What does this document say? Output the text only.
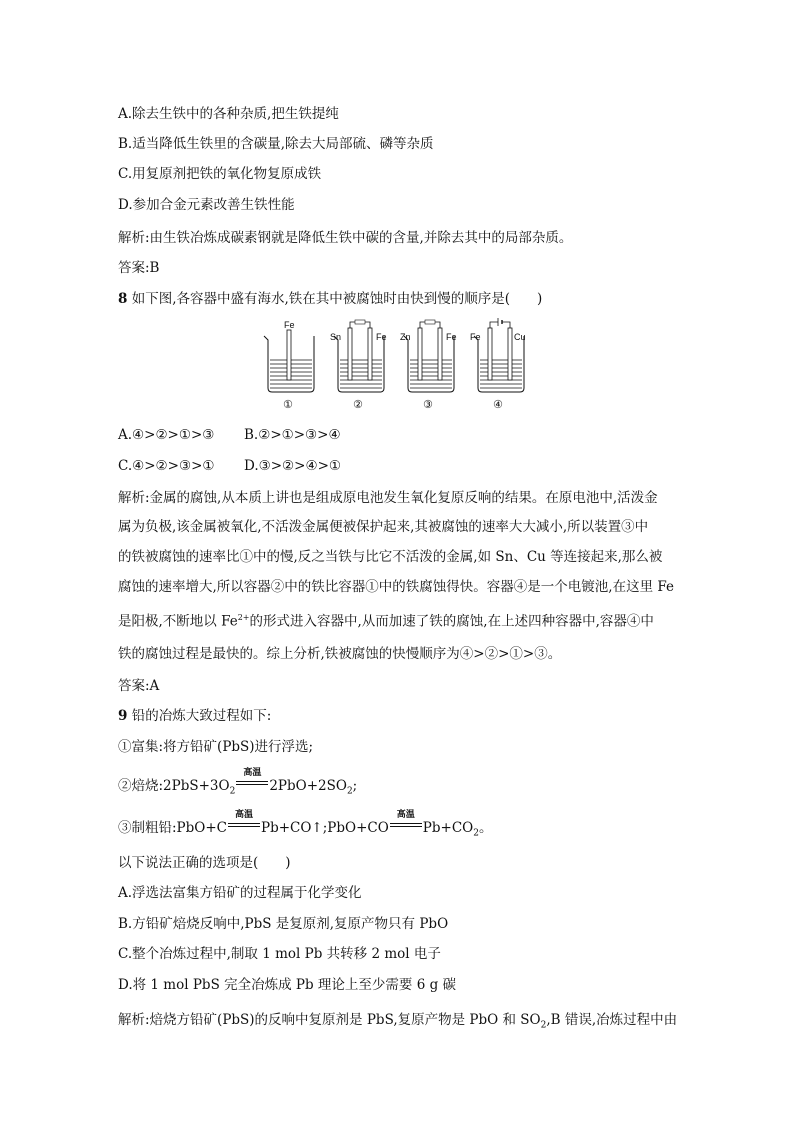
A.除去生铁中的各种杂质,把生铁提纯
B.适当降低生铁里的含碳量,除去大局部硫、磷等杂质
C.用复原剂把铁的氧化物复原成铁
D.参加合金元素改善生铁性能
解析:由生铁冶炼成碳素钢就是降低生铁中碳的含量,并除去其中的局部杂质。
答案:B
8 如下图,各容器中盛有海水,铁在其中被腐蚀时由快到慢的顺序是(　　)
Fe
①
Sn	Fe
②
Zn	Fe
③
Fe	Cu
④
A.④>②>①>③ B.②>①>③>④
C.④>②>③>① D.③>②>④>①
解析:金属的腐蚀,从本质上讲也是组成原电池发生氧化复原反响的结果。在原电池中,活泼金
属为负极,该金属被氧化,不活泼金属便被保护起来,其被腐蚀的速率大大减小,所以装置③中
的铁被腐蚀的速率比①中的慢,反之当铁与比它不活泼的金属,如 Sn、Cu 等连接起来,那么被
腐蚀的速率增大,所以容器②中的铁比容器①中的铁腐蚀得快。容器④是一个电镀池,在这里 Fe
是阳极,不断地以 $Fe^{2+}$的形式进入容器中,从而加速了铁的腐蚀,在上述四种容器中,容器④中
铁的腐蚀过程是最快的。综上分析,铁被腐蚀的快慢顺序为④>②>①>③。
答案:A
9 铅的冶炼大致过程如下:
①富集:将方铅矿(PbS)进行浮选;
②焙烧$:2PbS+3O_2$
高温
$2PbO+2SO_2$;
③制粗铅:PbO+C
高温
Pb+CO↑;PbO+CO
高温
$Pb+CO_2$。
以下说法正确的选项是(　　)
A.浮选法富集方铅矿的过程属于化学变化
B.方铅矿焙烧反响中,PbS 是复原剂,复原产物只有 PbO
C.整个冶炼过程中,制取 1 mol Pb 共转移 2 mol 电子
D.将 1 mol PbS 完全冶炼成 Pb 理论上至少需要 6 g 碳
解析:焙烧方铅矿(PbS)的反响中复原剂是 PbS,复原产物是 PbO 和 $SO_2,B$ 错误,冶炼过程中由
